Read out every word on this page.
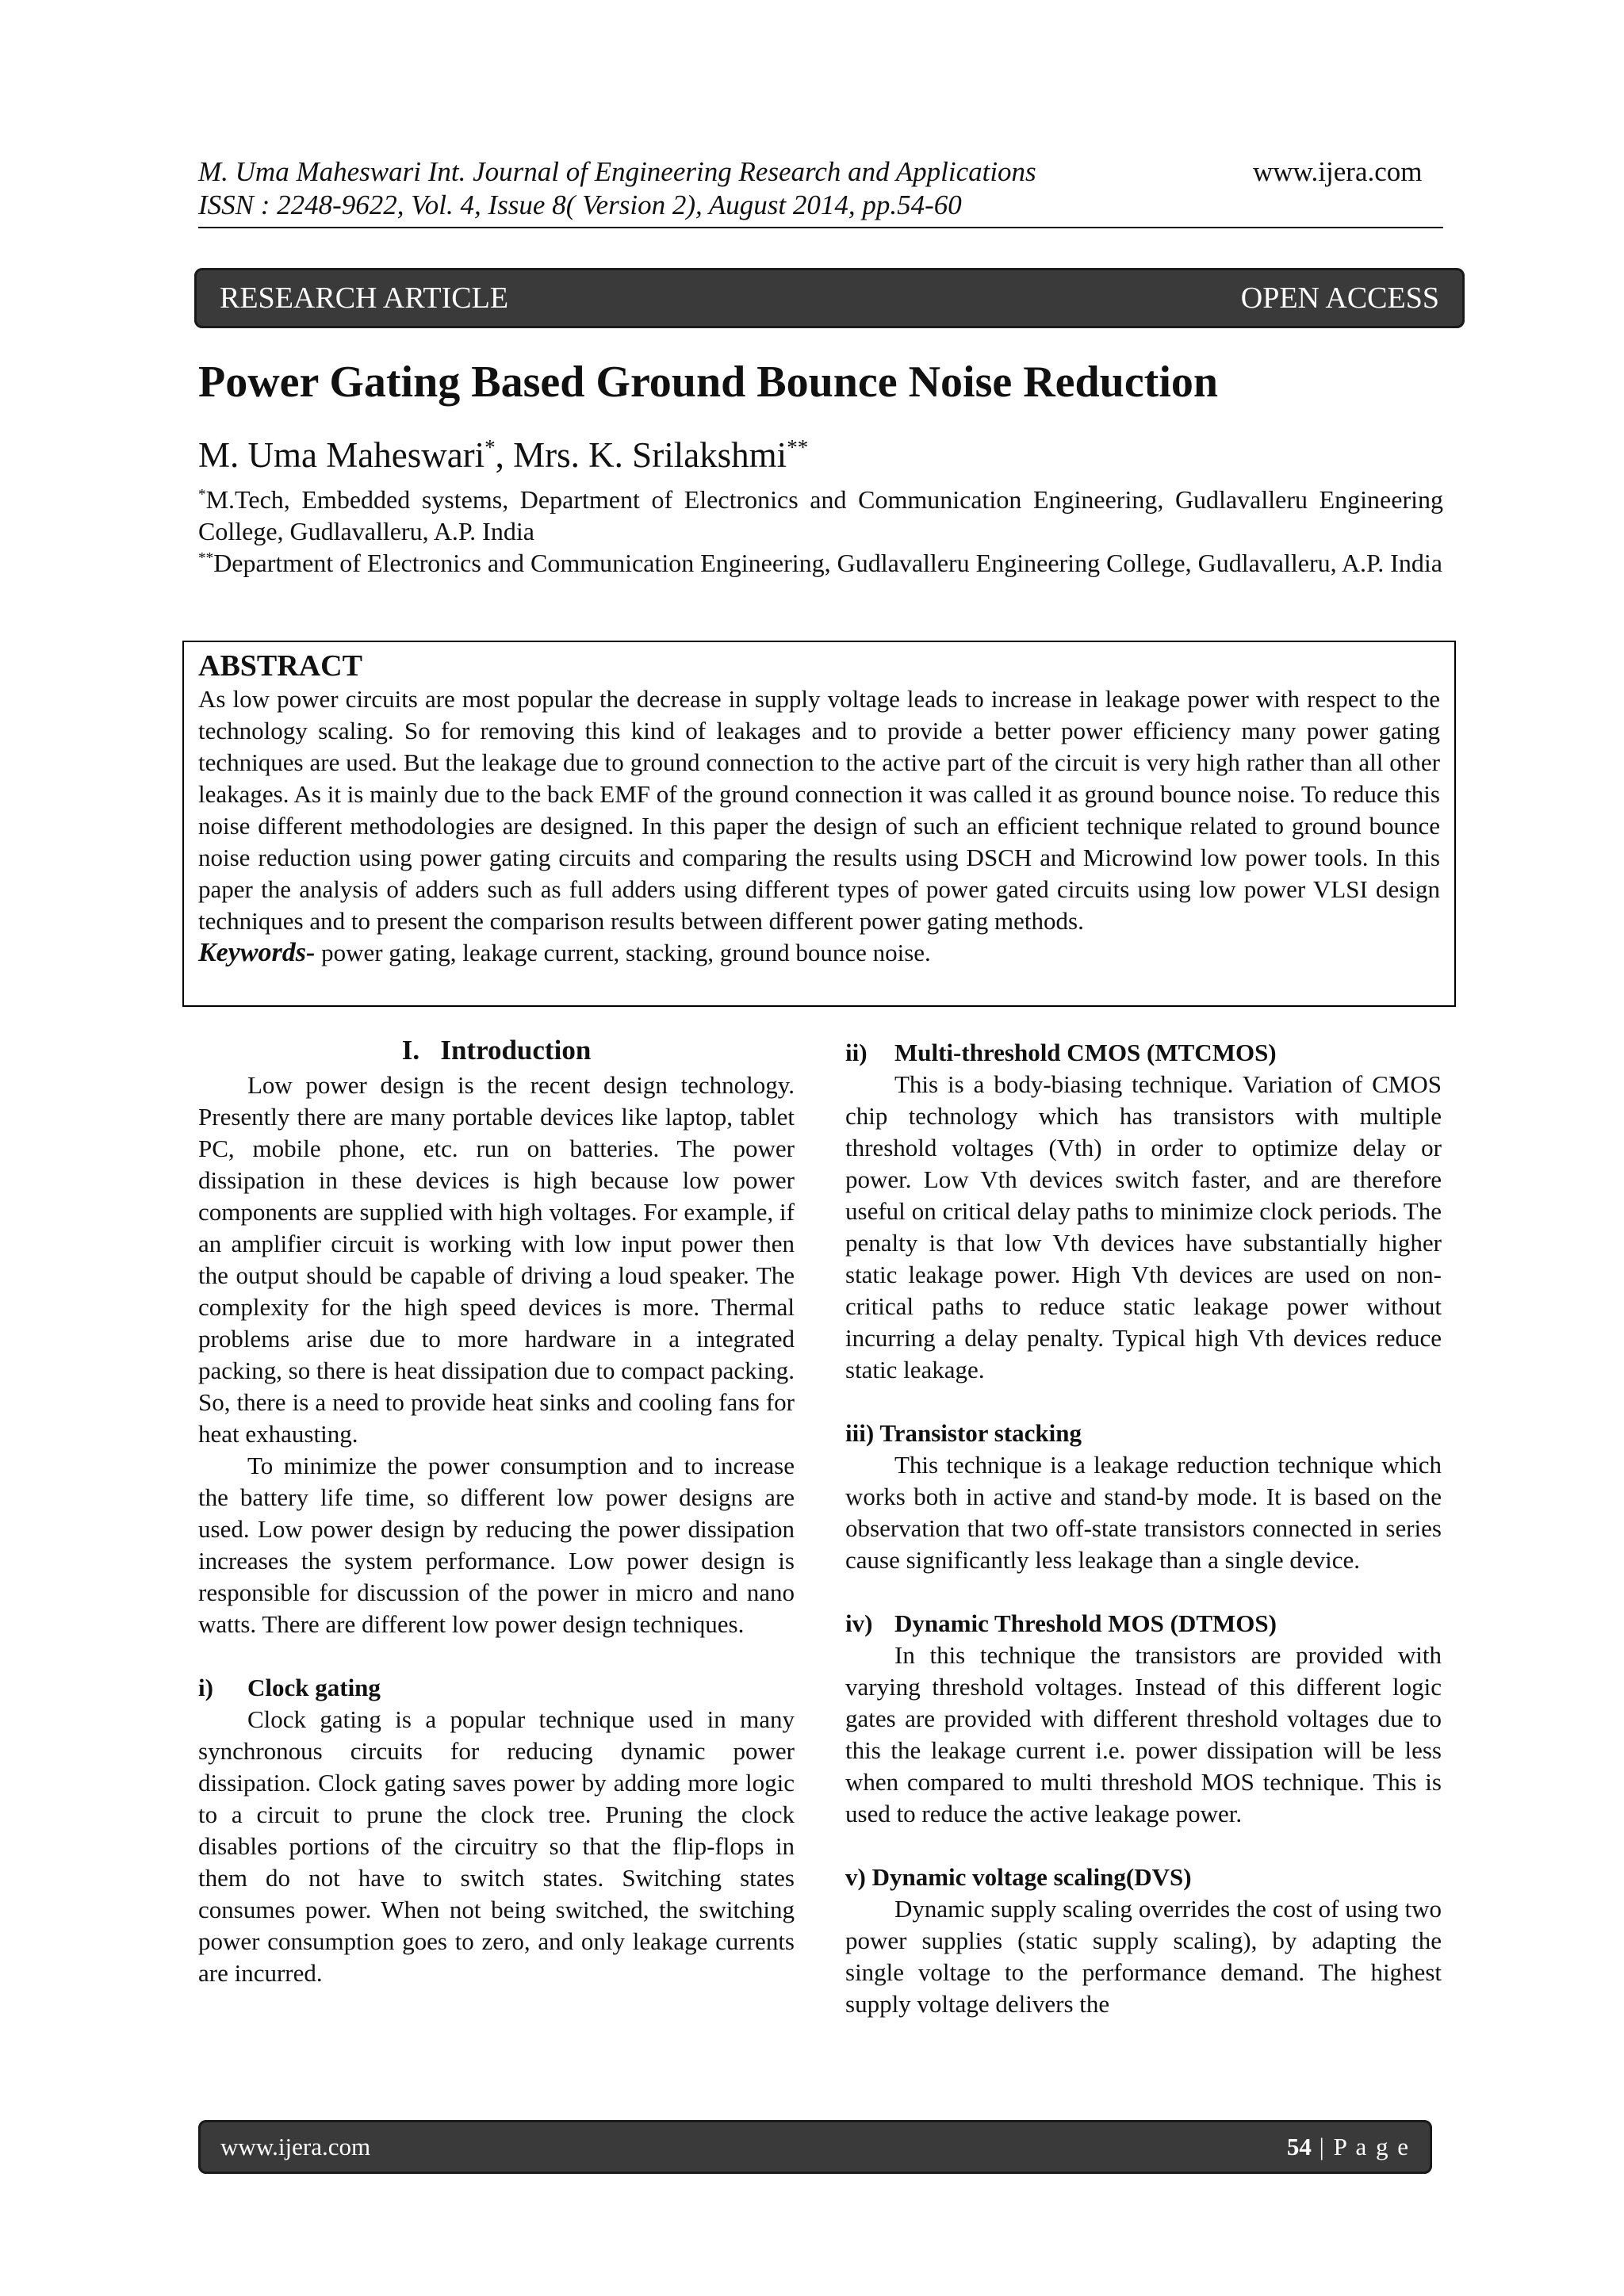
M. Uma Maheswari Int. Journal of Engineering Research and Applications
ISSN : 2248-9622, Vol. 4, Issue 8( Version 2), August 2014, pp.54-60
www.ijera.com
RESEARCH ARTICLE	OPEN ACCESS
Power Gating Based Ground Bounce Noise Reduction
M. Uma Maheswari*, Mrs. K. Srilakshmi**
*M.Tech, Embedded systems, Department of Electronics and Communication Engineering, Gudlavalleru Engineering College, Gudlavalleru, A.P. India
**Department of Electronics and Communication Engineering, Gudlavalleru Engineering College, Gudlavalleru, A.P. India
ABSTRACT
As low power circuits are most popular the decrease in supply voltage leads to increase in leakage power with respect to the technology scaling. So for removing this kind of leakages and to provide a better power efficiency many power gating techniques are used. But the leakage due to ground connection to the active part of the circuit is very high rather than all other leakages. As it is mainly due to the back EMF of the ground connection it was called it as ground bounce noise. To reduce this noise different methodologies are designed. In this paper the design of such an efficient technique related to ground bounce noise reduction using power gating circuits and comparing the results using DSCH and Microwind low power tools. In this paper the analysis of adders such as full adders using different types of power gated circuits using low power VLSI design techniques and to present the comparison results between different power gating methods.
Keywords- power gating, leakage current, stacking, ground bounce noise.
I. Introduction

Low power design is the recent design technology. Presently there are many portable devices like laptop, tablet PC, mobile phone, etc. run on batteries. The power dissipation in these devices is high because low power components are supplied with high voltages. For example, if an amplifier circuit is working with low input power then the output should be capable of driving a loud speaker. The complexity for the high speed devices is more. Thermal problems arise due to more hardware in a integrated packing, so there is heat dissipation due to compact packing. So, there is a need to provide heat sinks and cooling fans for heat exhausting.

To minimize the power consumption and to increase the battery life time, so different low power designs are used. Low power design by reducing the power dissipation increases the system performance. Low power design is responsible for discussion of the power in micro and nano watts. There are different low power design techniques.

i) Clock gating

Clock gating is a popular technique used in many synchronous circuits for reducing dynamic power dissipation. Clock gating saves power by adding more logic to a circuit to prune the clock tree. Pruning the clock disables portions of the circuitry so that the flip-flops in them do not have to switch states. Switching states consumes power. When not being switched, the switching power consumption goes to zero, and only leakage currents are incurred.

ii) Multi-threshold CMOS (MTCMOS)

This is a body-biasing technique. Variation of CMOS chip technology which has transistors with multiple threshold voltages (Vth) in order to optimize delay or power. Low Vth devices switch faster, and are therefore useful on critical delay paths to minimize clock periods. The penalty is that low Vth devices have substantially higher static leakage power. High Vth devices are used on non-critical paths to reduce static leakage power without incurring a delay penalty. Typical high Vth devices reduce static leakage.

iii) Transistor stacking

This technique is a leakage reduction technique which works both in active and stand-by mode. It is based on the observation that two off-state transistors connected in series cause significantly less leakage than a single device.

iv) Dynamic Threshold MOS (DTMOS)

In this technique the transistors are provided with varying threshold voltages. Instead of this different logic gates are provided with different threshold voltages due to this the leakage current i.e. power dissipation will be less when compared to multi threshold MOS technique. This is used to reduce the active leakage power.

v) Dynamic voltage scaling(DVS)

Dynamic supply scaling overrides the cost of using two power supplies (static supply scaling), by adapting the single voltage to the performance demand. The highest supply voltage delivers the

www.ijera.com	54 | P a g e
